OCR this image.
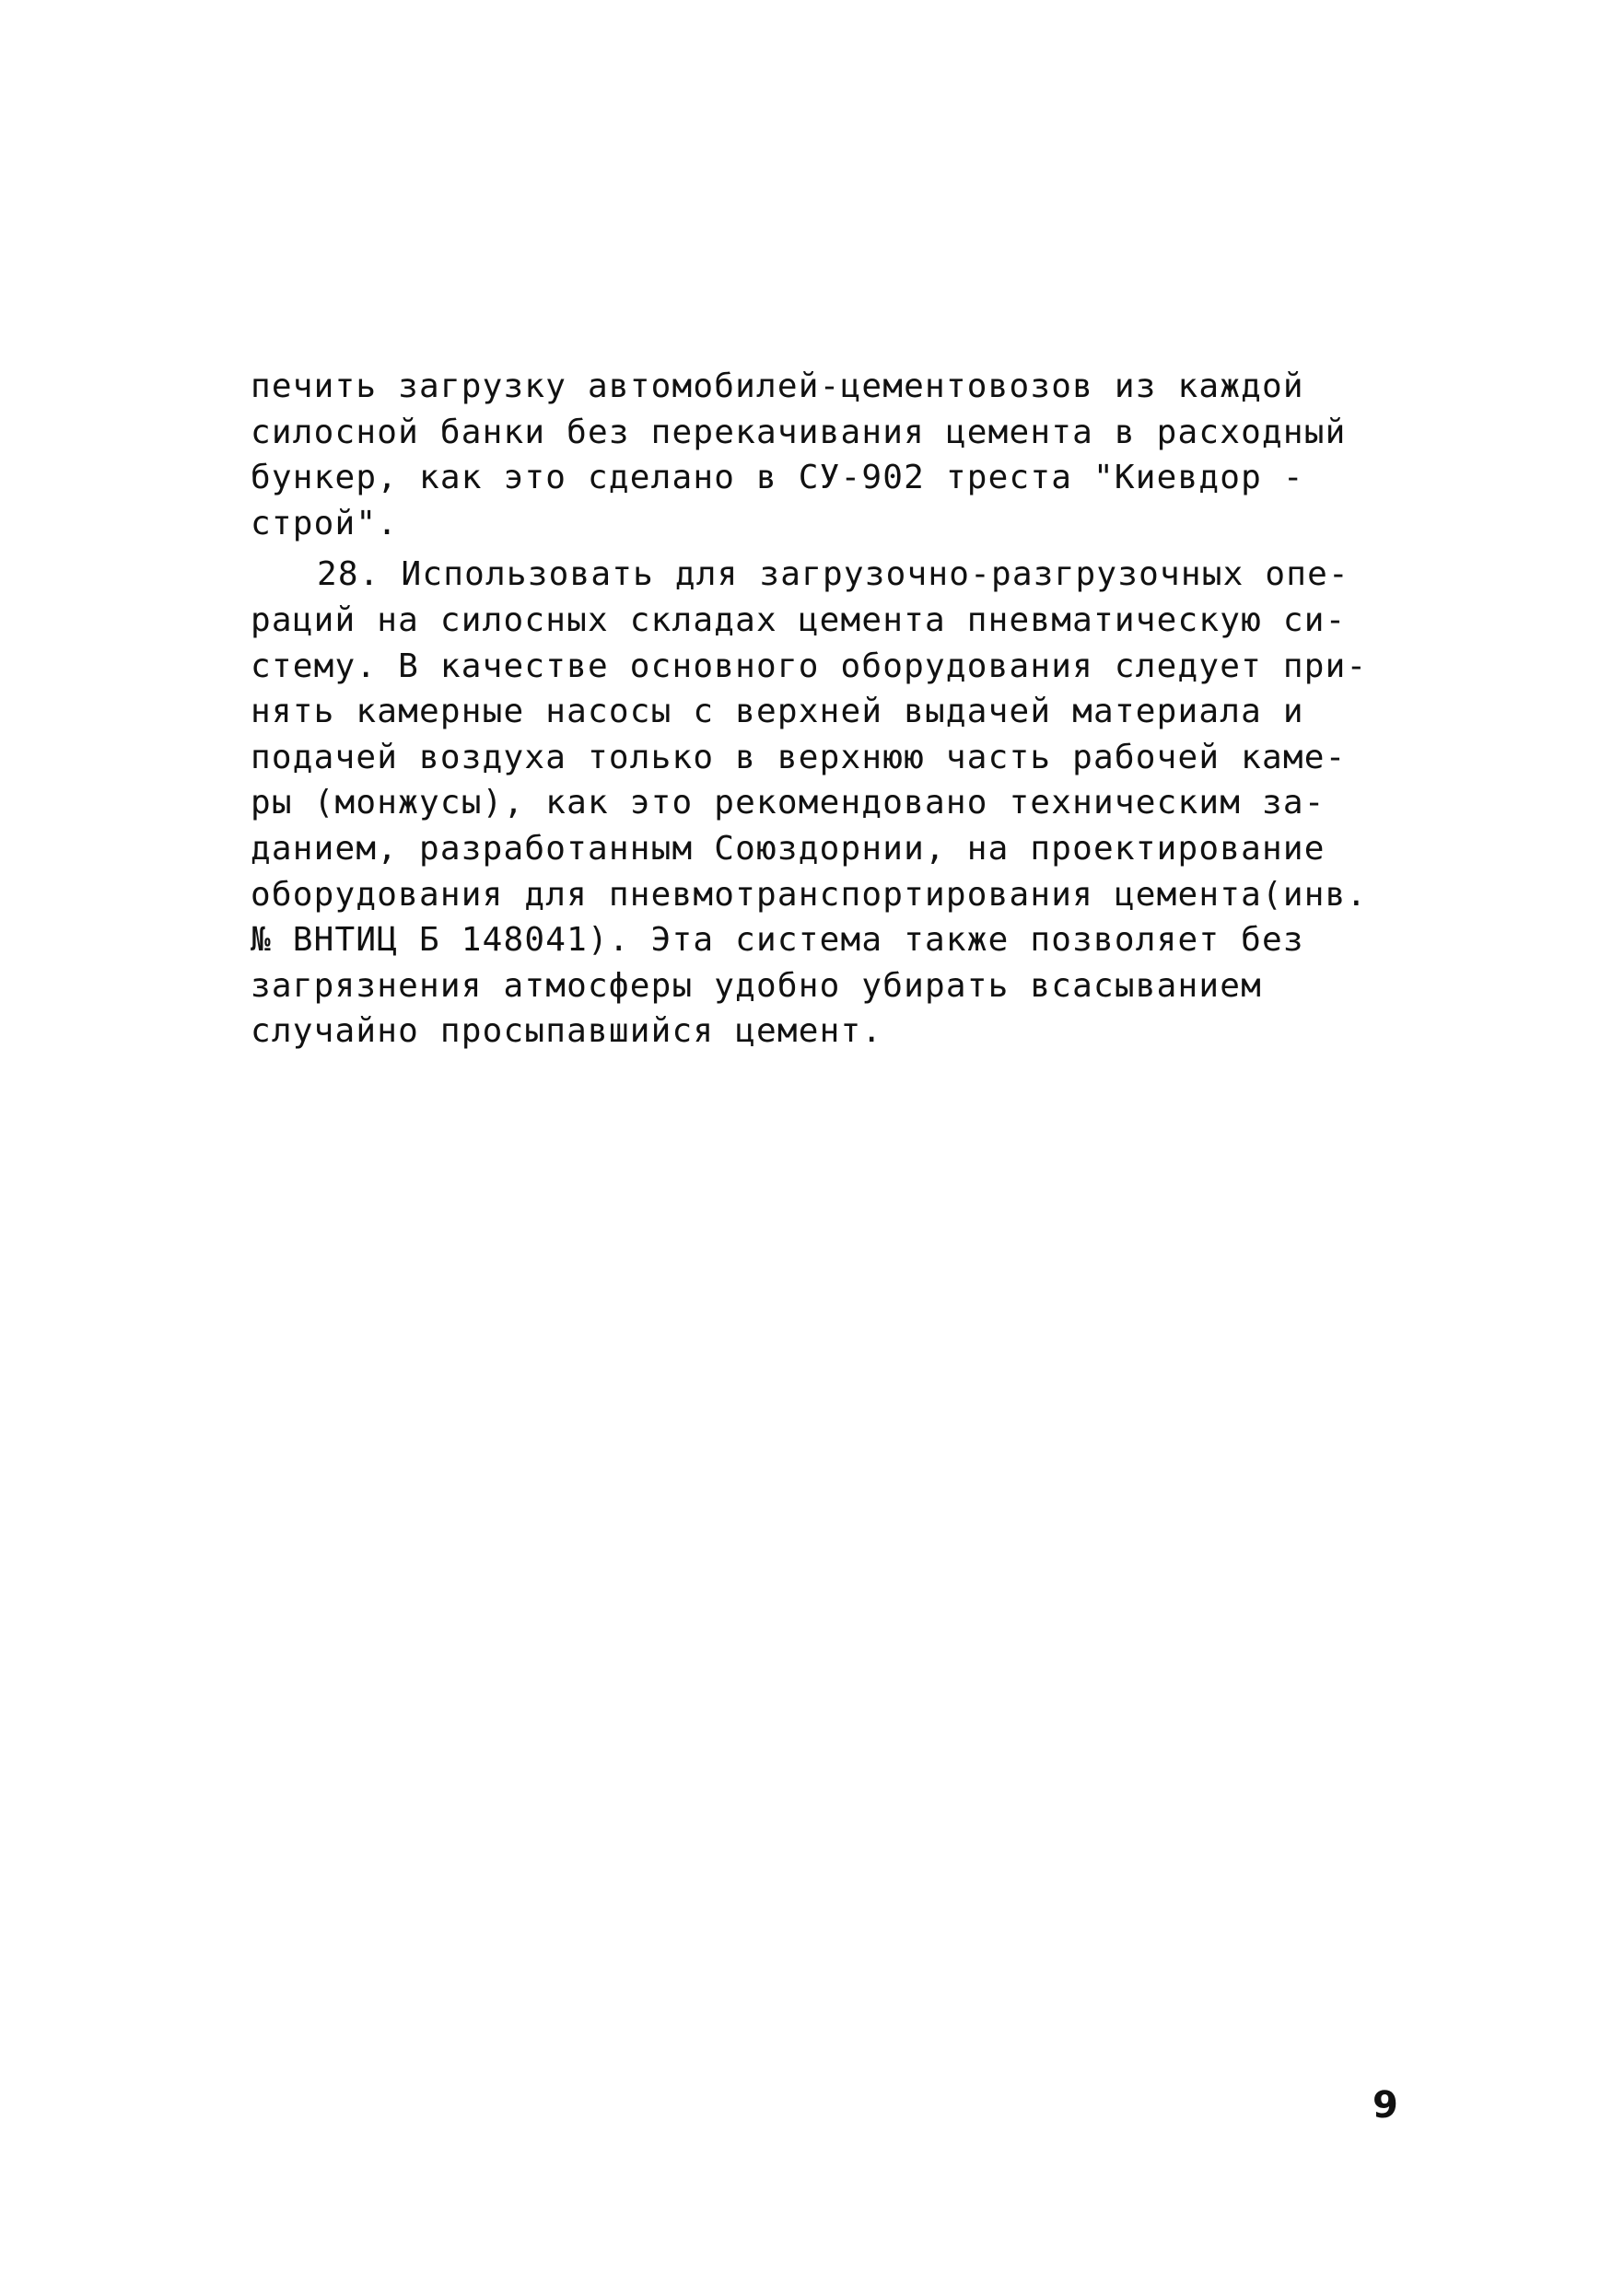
печить загрузку автомобилей-цементовозов из каждой
силосной банки без перекачивания цемента в расходный
бункер, как это сделано в СУ-902 треста "Киевдор -
строй".
28. Использовать для загрузочно-разгрузочных опе-
раций на силосных складах цемента пневматическую си-
стему. В качестве основного оборудования следует при-
нять камерные насосы с верхней выдачей материала и
подачей воздуха только в верхнюю часть рабочей каме-
ры (монжусы), как это рекомендовано техническим за-
данием, разработанным Союздорнии, на проектирование
оборудования для пневмотранспортирования цемента(инв.
№ ВНТИЦ Б 148041). Эта система также позволяет без
загрязнения атмосферы удобно убирать всасыванием
случайно просыпавшийся цемент.
9
